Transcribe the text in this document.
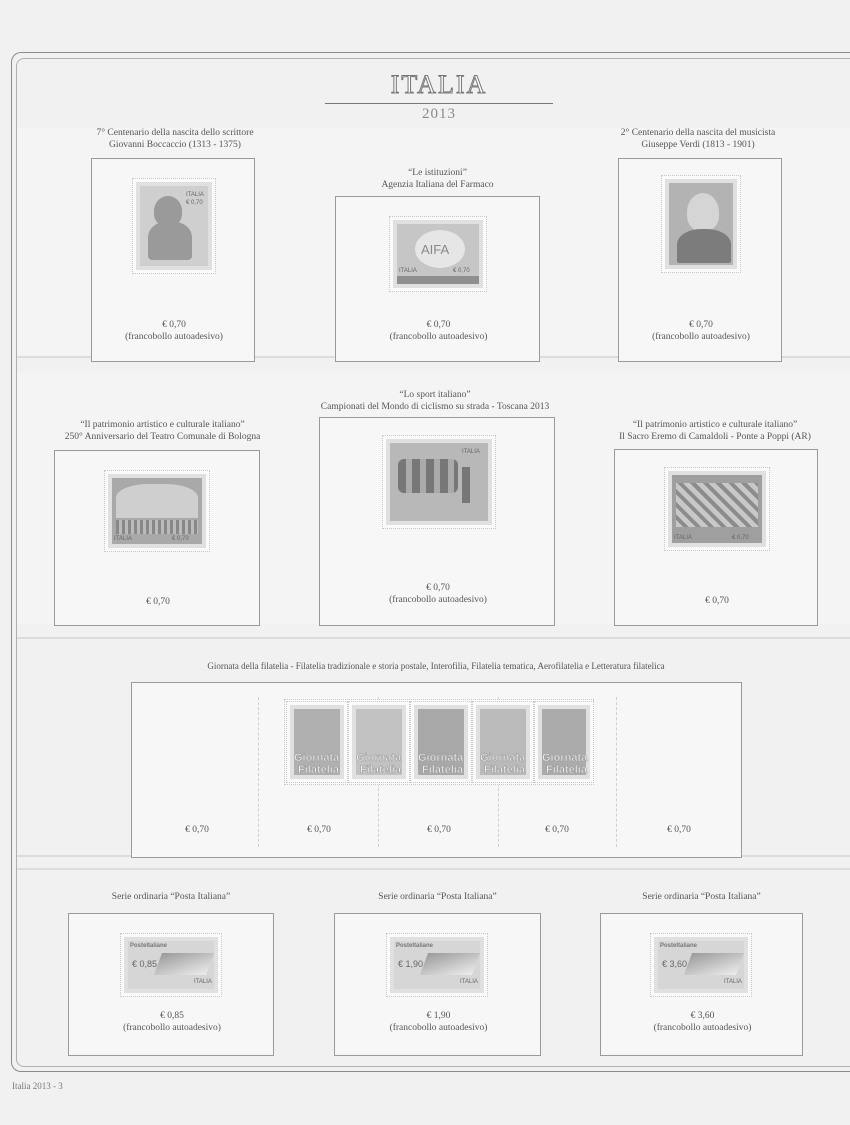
ITALIA
2013
7° Centenario della nascita dello scrittore
Giovanni Boccaccio (1313 - 1375)
ITALIA
€ 0,70
€ 0,70
(francobollo autoadesivo)
“Le istituzioni”
Agenzia Italiana del Farmaco
AIFA
ITALIA	€ 0,70
€ 0,70
(francobollo autoadesivo)
2° Centenario della nascita del musicista
Giuseppe Verdi (1813 - 1901)
€ 0,70
(francobollo autoadesivo)
“Il patrimonio artistico e culturale italiano”
250° Anniversario del Teatro Comunale di Bologna
ITALIA	€ 0,70
€ 0,70
“Lo sport italiano”
Campionati del Mondo di ciclismo su strada - Toscana 2013
ITALIA
€ 0,70
(francobollo autoadesivo)
“Il patrimonio artistico e culturale italiano”
Il Sacro Eremo di Camaldoli - Ponte a Poppi (AR)
ITALIA	€ 0,70
€ 0,70
Giornata della filatelia - Filatelia tradizionale e storia postale, Interofilia, Filatelia tematica, Aerofilatelia e Letteratura filatelica
Giornata
Filatelia
Giornata
Filatelia
Giornata
Filatelia
Giornata
Filatelia
Giornata
Filatelia
€ 0,70	€ 0,70	€ 0,70	€ 0,70	€ 0,70
Serie ordinaria “Posta Italiana”
PosteItaliane
€ 0,85
ITALIA
€ 0,85
(francobollo autoadesivo)
Serie ordinaria “Posta Italiana”
PosteItaliane
€ 1,90
ITALIA
€ 1,90
(francobollo autoadesivo)
Serie ordinaria “Posta Italiana”
PosteItaliane
€ 3,60
ITALIA
€ 3,60
(francobollo autoadesivo)
Italia 2013 - 3
